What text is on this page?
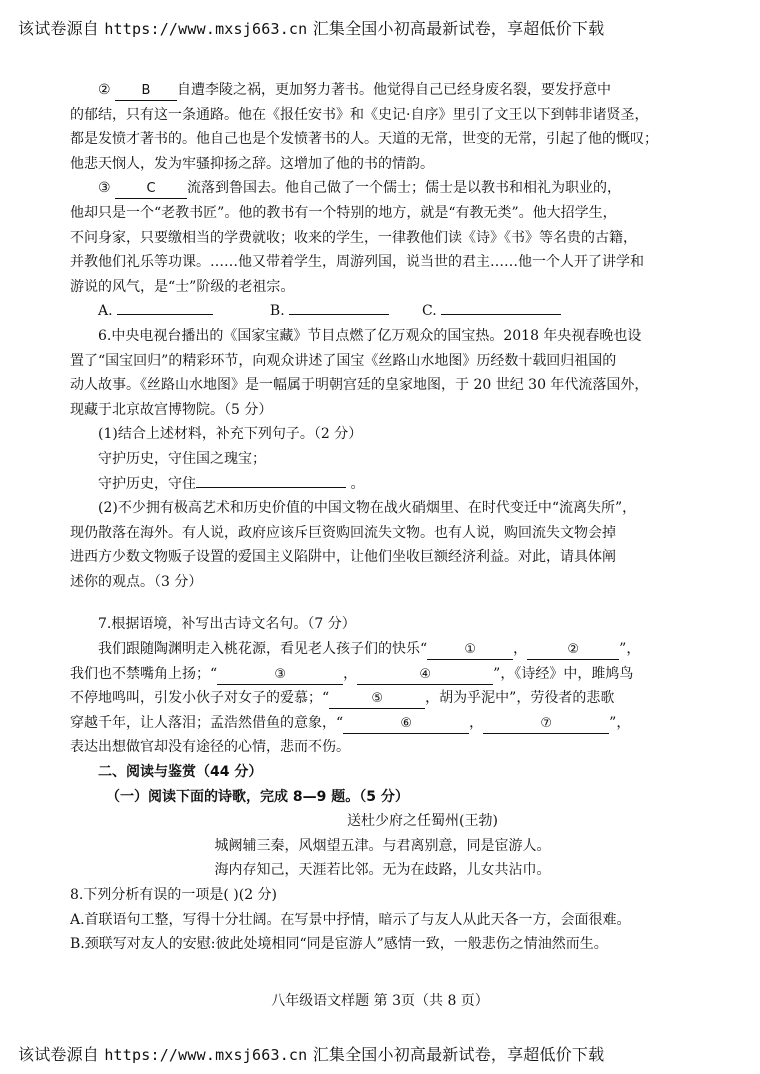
该试卷源自 https://www.mxsj663.cn 汇集全国小初高最新试卷，享超低价下载

② B 自遭李陵之祸，更加努力著书。他觉得自己已经身废名裂，要发抒意中

的郁结，只有这一条通路。他在《报任安书》和《史记·自序》里引了文王以下到韩非诸贤圣，

都是发愤才著书的。他自己也是个发愤著书的人。天道的无常，世变的无常，引起了他的慨叹；

他悲天悯人，发为牢骚抑扬之辞。这增加了他的书的情韵。

③	C 流落到鲁国去。他自己做了一个儒士；儒士是以教书和相礼为职业的，

他却只是一个“老教书匠”。他的教书有一个特别的地方，就是“有教无类”。他大招学生，

不问身家，只要缴相当的学费就收；收来的学生，一律教他们读《诗》《书》等名贵的古籍，

并教他们礼乐等功课。……他又带着学生，周游列国，说当世的君主……他一个人开了讲学和

游说的风气，是“士”阶级的老祖宗。

A.	B.	C.

6.中央电视台播出的《国家宝藏》节目点燃了亿万观众的国宝热。2018 年央视春晚也设

置了“国宝回归”的精彩环节，向观众讲述了国宝《丝路山水地图》历经数十载回归祖国的

动人故事。《丝路山水地图》是一幅属于明朝宫廷的皇家地图，于 20 世纪 30 年代流落国外，

现藏于北京故宫博物院。（5 分）

(1)结合上述材料，补充下列句子。（2 分）

守护历史，守住国之瑰宝；

守护历史，守住	。

(2)不少拥有极高艺术和历史价值的中国文物在战火硝烟里、在时代变迁中“流离失所”，

现仍散落在海外。有人说，政府应该斥巨资购回流失文物。也有人说，购回流失文物会掉

进西方少数文物贩子设置的爱国主义陷阱中，让他们坐收巨额经济利益。对此，请具体阐

述你的观点。（3 分）

7.根据语境，补写出古诗文名句。（7 分）

我们跟随陶渊明走入桃花源，看见老人孩子们的快乐“	①	，	②	”，

我们也不禁嘴角上扬；“	③	，	④	”，《诗经》中，雎鸠鸟

不停地鸣叫，引发小伙子对女子的爱慕；“	⑤	，胡为乎泥中”，劳役者的悲歌

穿越千年，让人落泪；孟浩然借鱼的意象，“	⑥	，	⑦	”，

表达出想做官却没有途径的心情，悲而不伤。

二、阅读与鉴赏（44 分）

（一）阅读下面的诗歌，完成 8—9 题。（5 分）

送杜少府之任蜀州(王勃)

城阙辅三秦，风烟望五津。与君离别意，同是宦游人。

海内存知己，天涯若比邻。无为在歧路，儿女共沾巾。

8.下列分析有误的一项是( )(2 分)

A.首联语句工整，写得十分壮阔。在写景中抒情，暗示了与友人从此天各一方，会面很难。

B.颈联写对友人的安慰:彼此处境相同“同是宦游人”感情一致，一般悲伤之情油然而生。

八年级语文样题 第 3页（共 8 页）
该试卷源自 https://www.mxsj663.cn 汇集全国小初高最新试卷，享超低价下载
